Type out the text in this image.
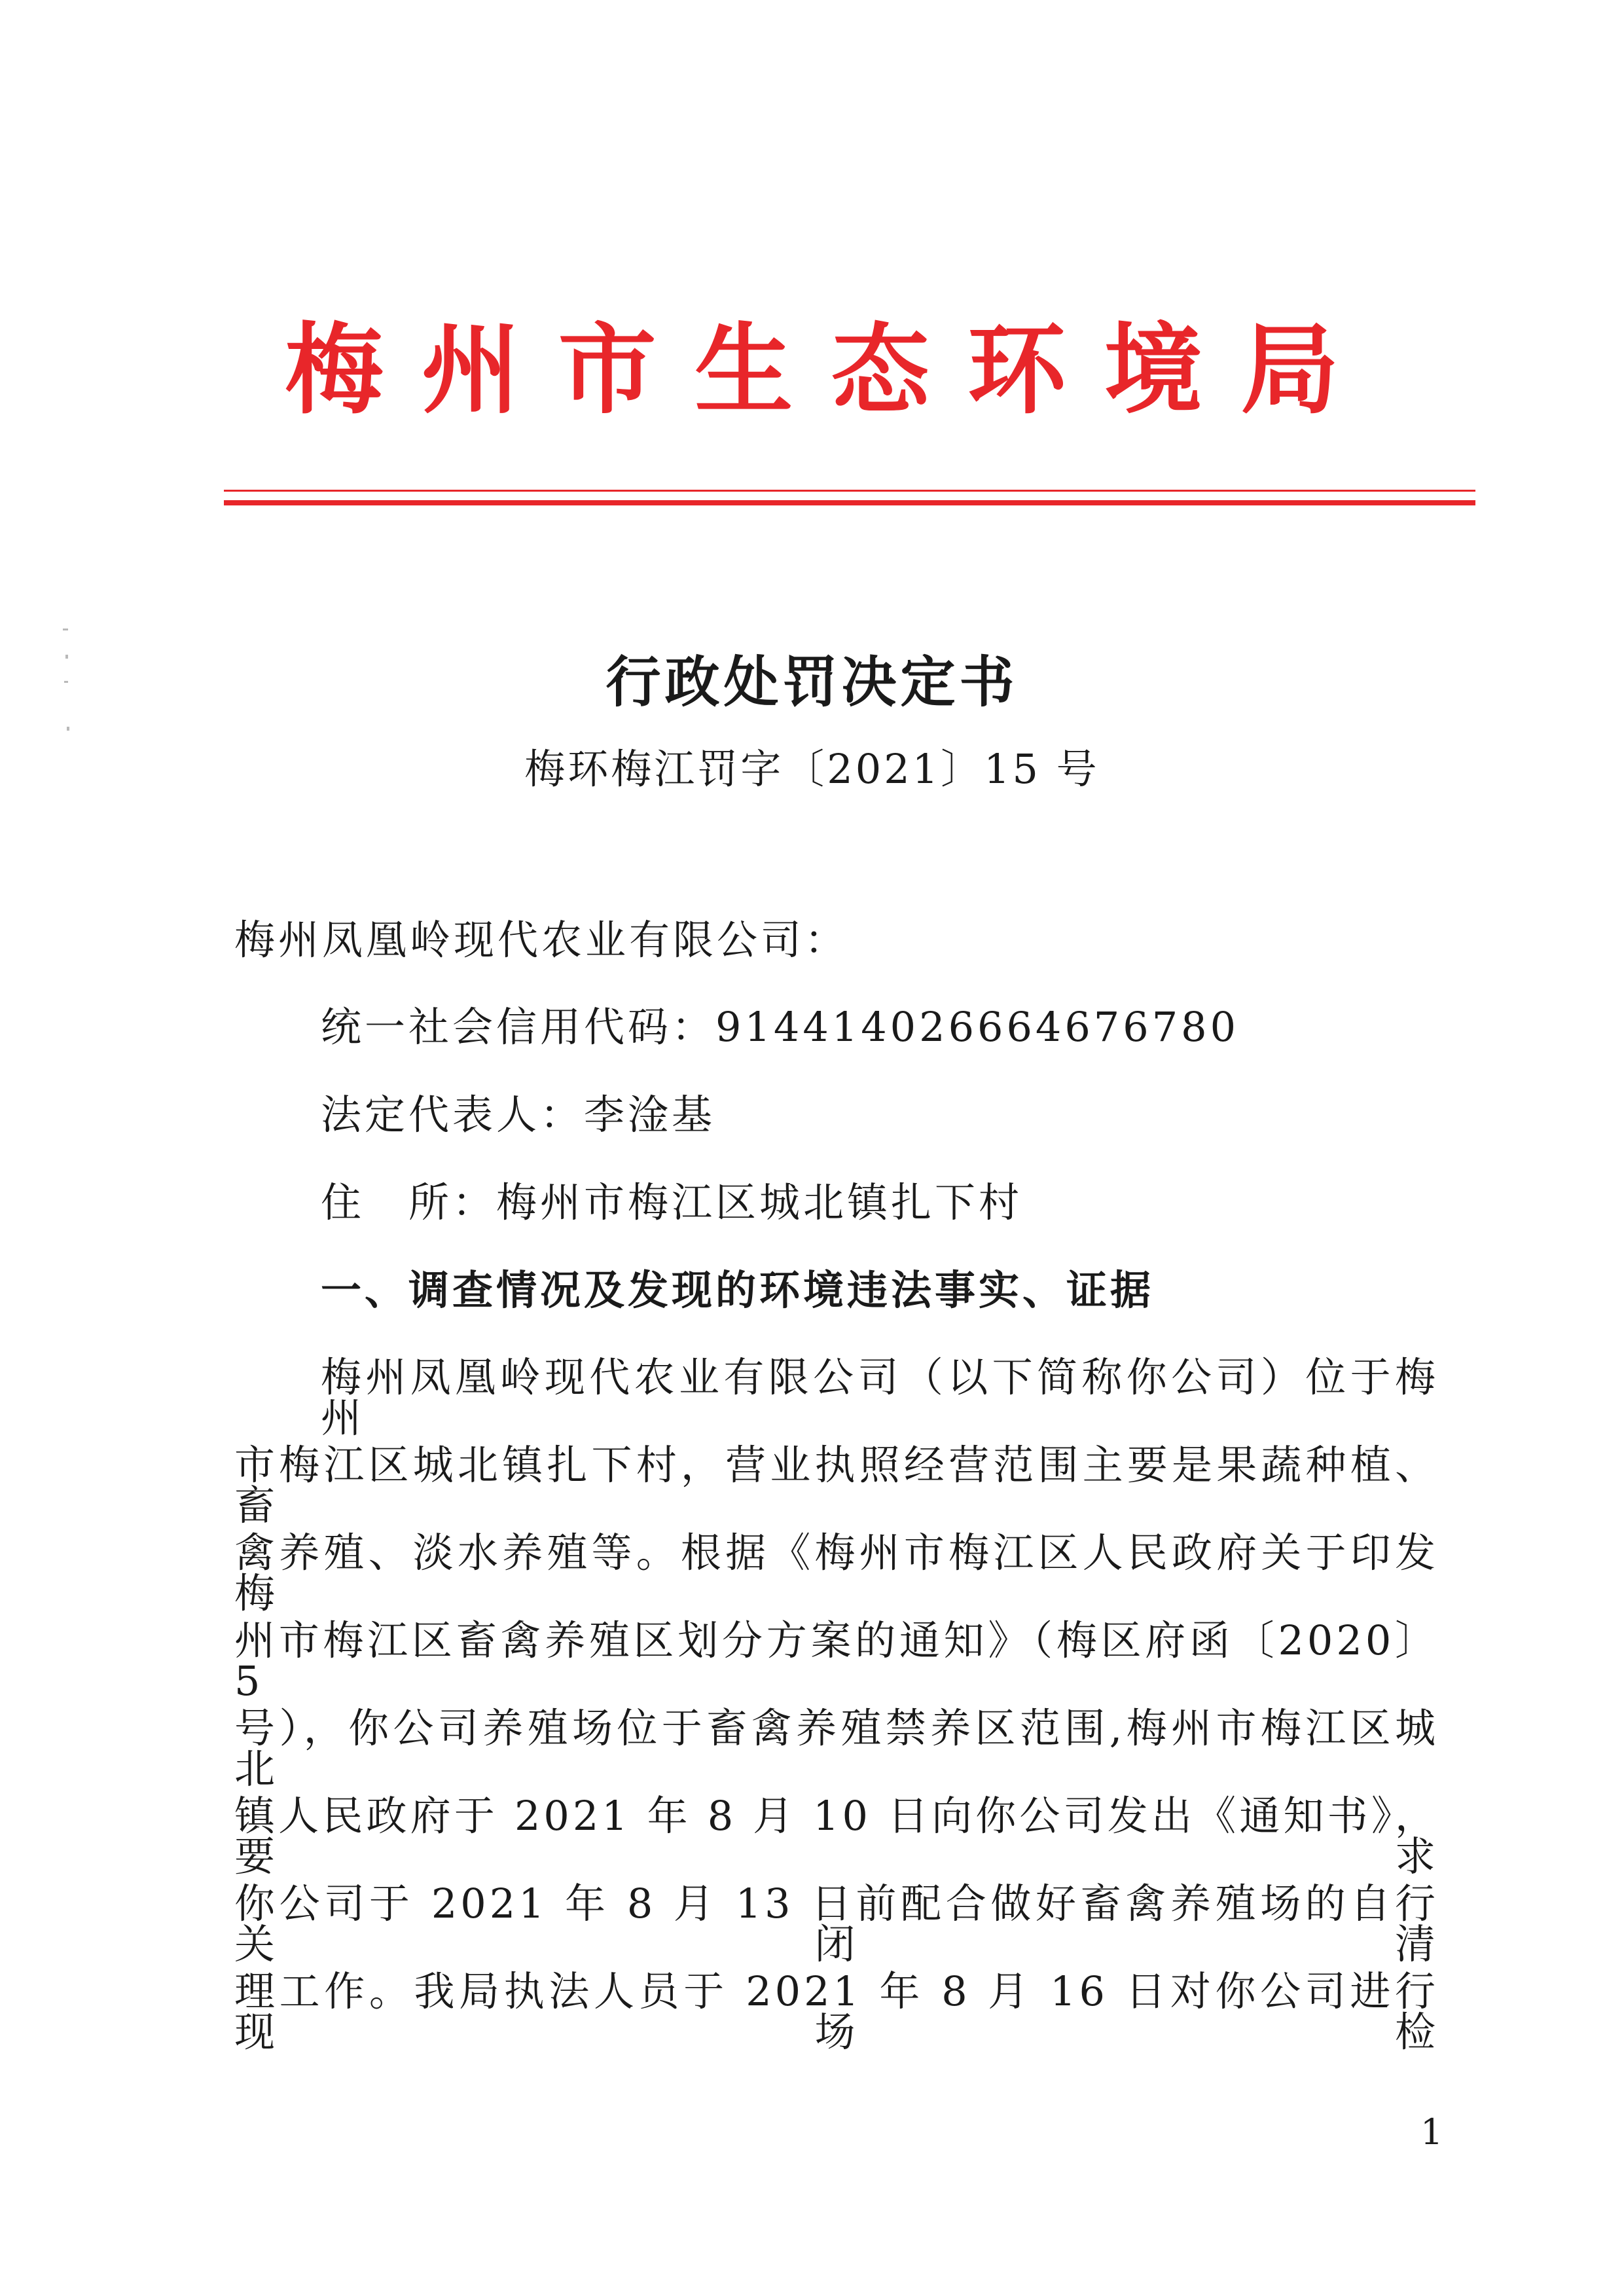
梅 州 市 生 态 环 境 局
行政处罚决定书
梅环梅江罚字〔2021〕15 号
梅州凤凰岭现代农业有限公司：
统一社会信用代码：914414026664676780
法定代表人：李淦基
住　所：梅州市梅江区城北镇扎下村
一、调查情况及发现的环境违法事实、证据
梅州凤凰岭现代农业有限公司（以下简称你公司）位于梅州
市梅江区城北镇扎下村，营业执照经营范围主要是果蔬种植、畜
禽养殖、淡水养殖等。根据《梅州市梅江区人民政府关于印发梅
州市梅江区畜禽养殖区划分方案的通知》（梅区府函〔2020〕5
号），你公司养殖场位于畜禽养殖禁养区范围,梅州市梅江区城北
镇人民政府于 2021 年 8 月 10 日向你公司发出《通知书》，要求
你公司于 2021 年 8 月 13 日前配合做好畜禽养殖场的自行关闭清
理工作。我局执法人员于 2021 年 8 月 16 日对你公司进行现场检
1
